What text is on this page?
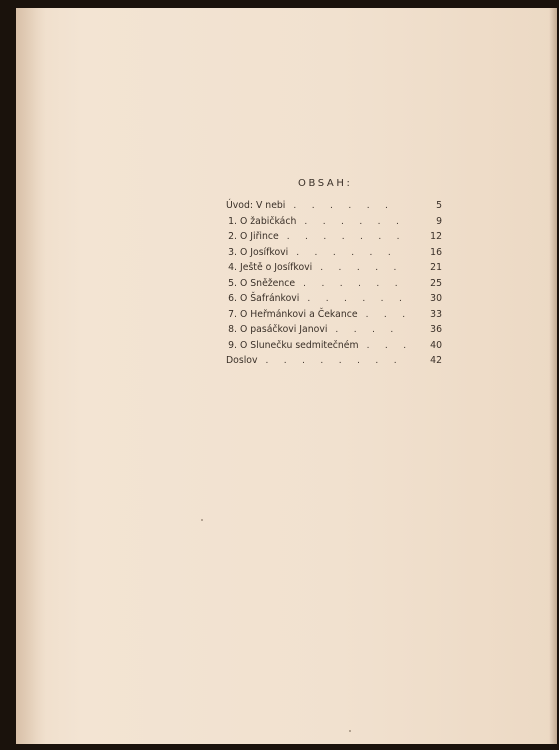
OBSAH:
Úvod: V nebi . . . . . .	5
1. O žabičkách . . . . . .	9
2. O Jiřince . . . . . . .	12
3. O Josífkovi . . . . . .	16
4. Ještě o Josífkovi . . . . .	21
5. O Sněžence . . . . . .	25
6. O Šafránkovi . . . . . .	30
7. O Heřmánkovi a Čekance . . .	33
8. O pasáčkovi Janovi . . . .	36
9. O Slunečku sedmitečném . . .	40
Doslov . . . . . . . .	42
